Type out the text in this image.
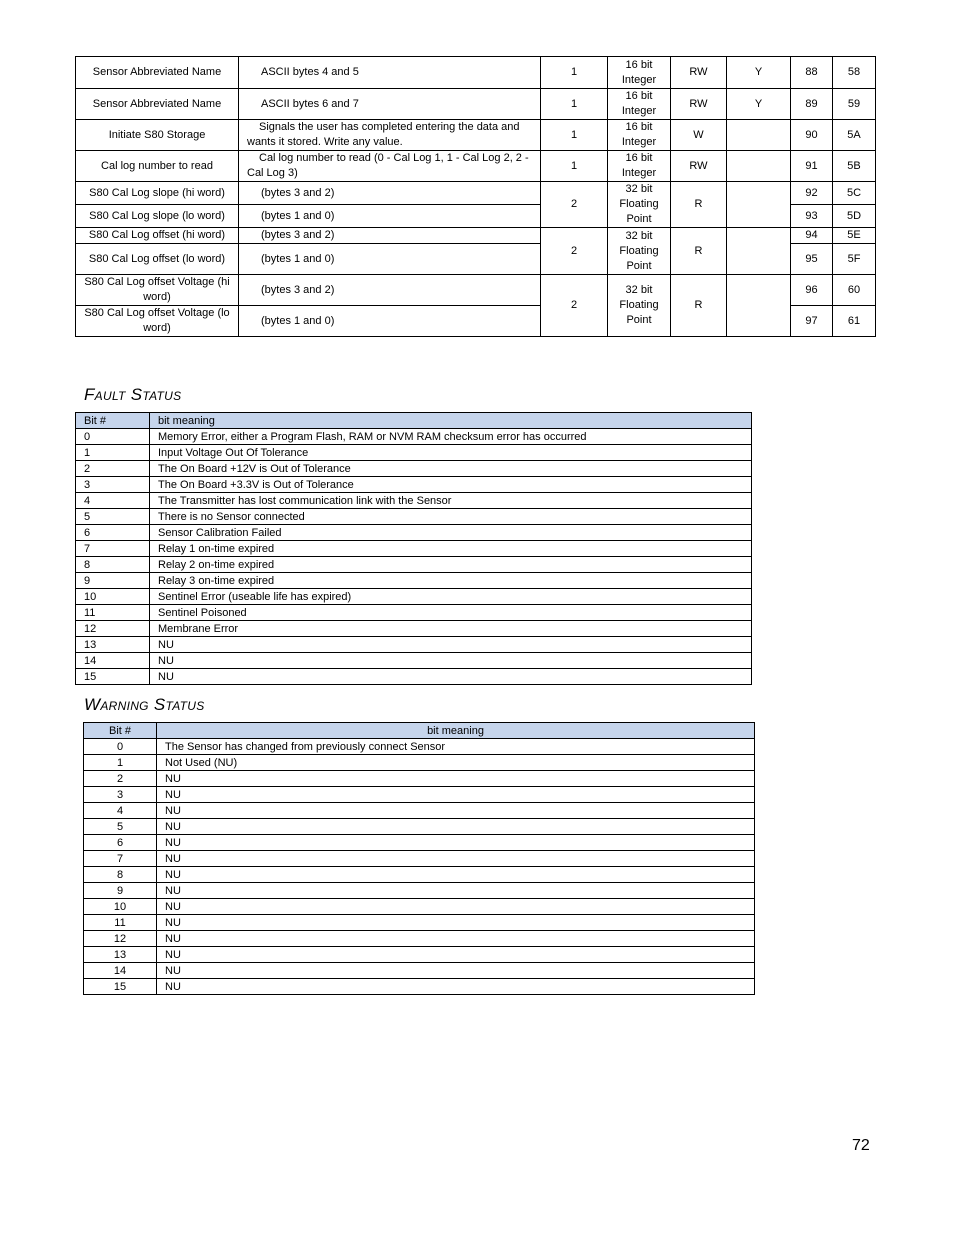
Sensor Abbreviated Name	ASCII bytes 4 and 5	1	16 bit Integer	RW	Y	88	58
Sensor Abbreviated Name	ASCII bytes 6 and 7	1	16 bit Integer	RW	Y	89	59
Initiate S80 Storage	Signals the user has completed entering the data and wants it stored. Write any value.	1	16 bit Integer	W		90	5A
Cal log number to read	Cal log number to read (0 - Cal Log 1, 1 - Cal Log 2, 2 - Cal Log 3)	1	16 bit Integer	RW		91	5B
S80 Cal Log slope (hi word)	(bytes 3 and 2)	2	32 bit Floating Point	R		92	5C
S80 Cal Log slope (lo word)	(bytes 1 and 0)					93	5D
S80 Cal Log offset (hi word)	(bytes 3 and 2)	2	32 bit Floating Point	R		94	5E
S80 Cal Log offset (lo word)	(bytes 1 and 0)					95	5F
S80 Cal Log offset Voltage (hi word)	(bytes 3 and 2)	2	32 bit Floating Point	R		96	60
S80 Cal Log offset Voltage (lo word)	(bytes 1 and 0)					97	61
Fault Status
Bit #	bit meaning
0	Memory Error, either a Program Flash, RAM or NVM RAM checksum error has occurred
1	Input Voltage Out Of Tolerance
2	The On Board +12V is Out of Tolerance
3	The On Board +3.3V is Out of Tolerance
4	The Transmitter has lost communication link with the Sensor
5	There is no Sensor connected
6	Sensor Calibration Failed
7	Relay 1 on-time expired
8	Relay 2 on-time expired
9	Relay 3 on-time expired
10	Sentinel Error (useable life has expired)
11	Sentinel Poisoned
12	Membrane Error
13	NU
14	NU
15	NU
Warning Status
Bit #	bit meaning
0	The Sensor has changed from previously connect Sensor
1	Not Used (NU)
2	NU
3	NU
4	NU
5	NU
6	NU
7	NU
8	NU
9	NU
10	NU
11	NU
12	NU
13	NU
14	NU
15	NU
72
